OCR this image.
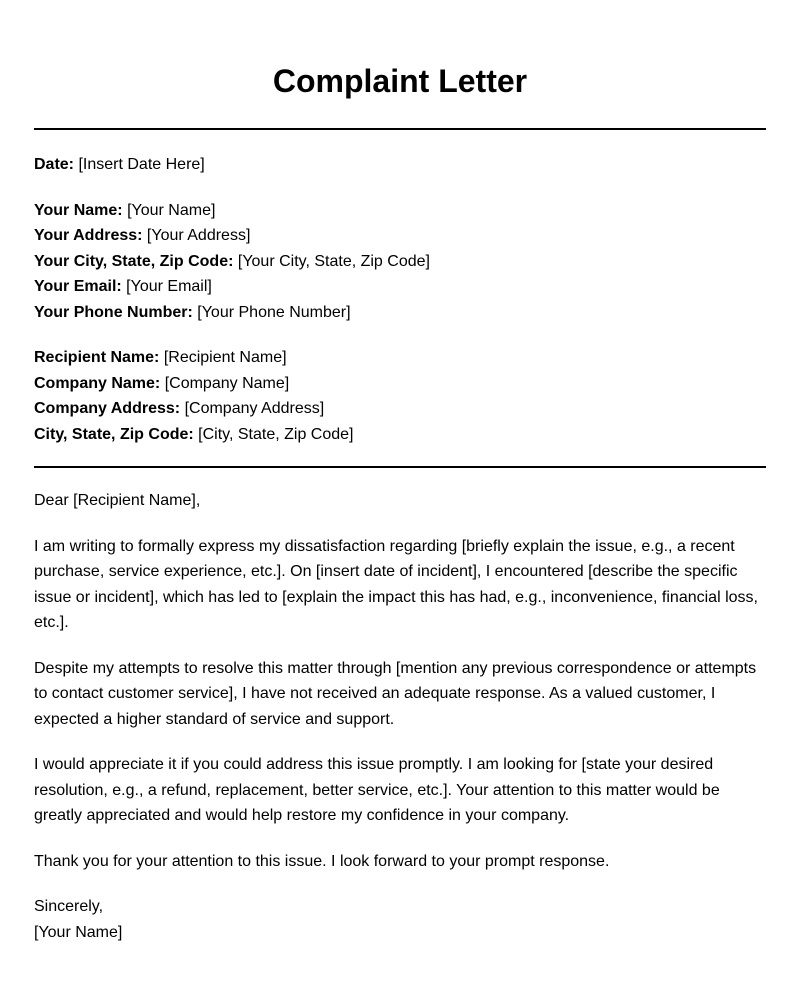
Complaint Letter
Date: [Insert Date Here]
Your Name: [Your Name]
Your Address: [Your Address]
Your City, State, Zip Code: [Your City, State, Zip Code]
Your Email: [Your Email]
Your Phone Number: [Your Phone Number]
Recipient Name: [Recipient Name]
Company Name: [Company Name]
Company Address: [Company Address]
City, State, Zip Code: [City, State, Zip Code]

Dear [Recipient Name],

I am writing to formally express my dissatisfaction regarding [briefly explain the issue, e.g., a recent purchase, service experience, etc.]. On [insert date of incident], I encountered [describe the specific issue or incident], which has led to [explain the impact this has had, e.g., inconvenience, financial loss, etc.].

Despite my attempts to resolve this matter through [mention any previous correspondence or attempts to contact customer service], I have not received an adequate response. As a valued customer, I expected a higher standard of service and support.

I would appreciate it if you could address this issue promptly. I am looking for [state your desired resolution, e.g., a refund, replacement, better service, etc.]. Your attention to this matter would be greatly appreciated and would help restore my confidence in your company.

Thank you for your attention to this issue. I look forward to your prompt response.

Sincerely,
[Your Name]
